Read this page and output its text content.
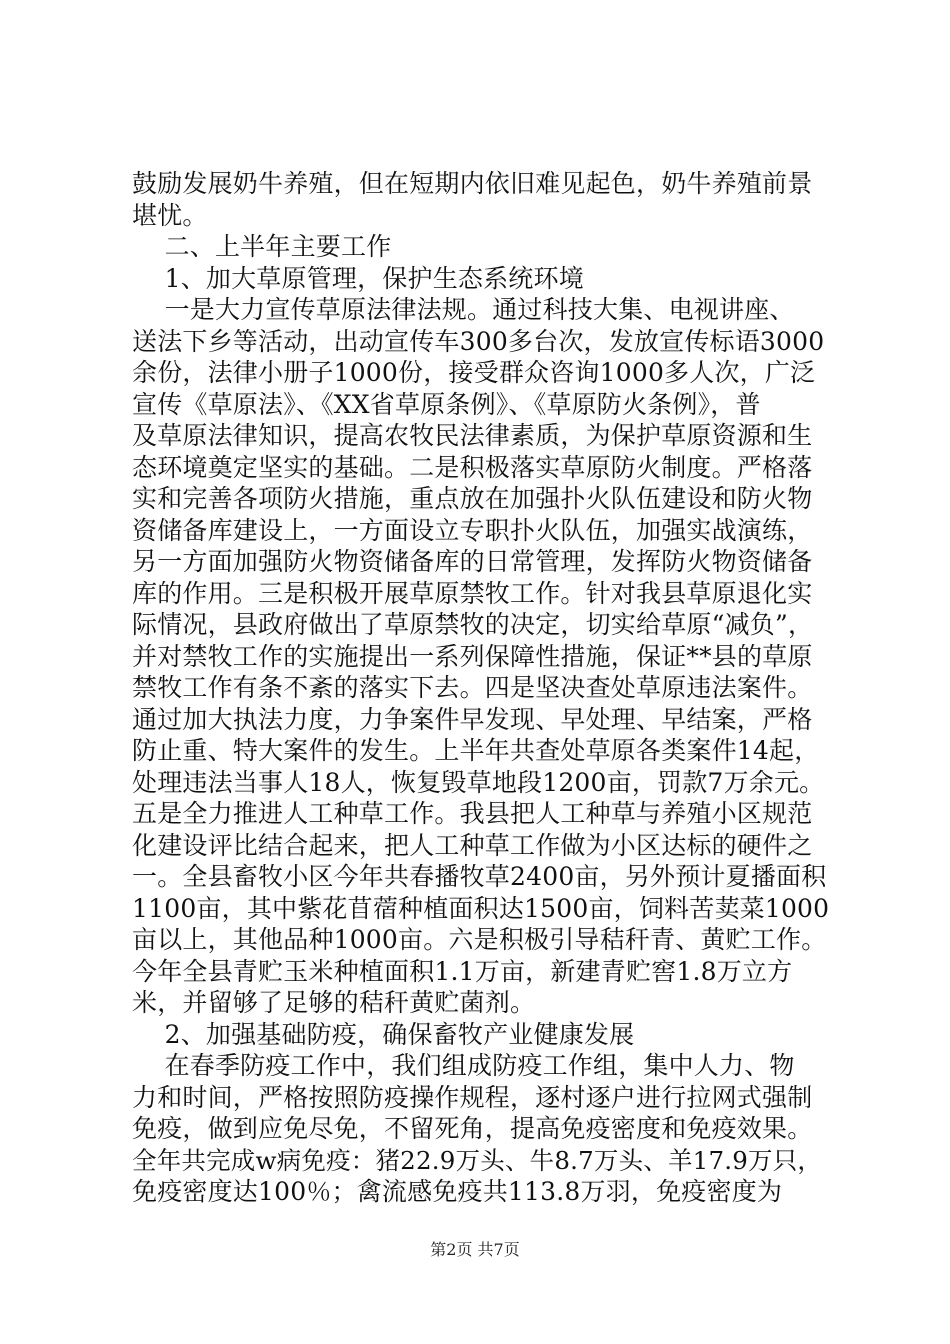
鼓励发展奶牛养殖，但在短期内依旧难见起色，奶牛养殖前景
堪忧。
二、上半年主要工作
1、加大草原管理，保护生态系统环境
一是大力宣传草原法律法规。通过科技大集、电视讲座、
送法下乡等活动，出动宣传车300多台次，发放宣传标语3000
余份，法律小册子1000份，接受群众咨询1000多人次，广泛
宣传《草原法》、《XX省草原条例》、《草原防火条例》，普
及草原法律知识，提高农牧民法律素质，为保护草原资源和生
态环境奠定坚实的基础。二是积极落实草原防火制度。严格落
实和完善各项防火措施，重点放在加强扑火队伍建设和防火物
资储备库建设上，一方面设立专职扑火队伍，加强实战演练，
另一方面加强防火物资储备库的日常管理，发挥防火物资储备
库的作用。三是积极开展草原禁牧工作。针对我县草原退化实
际情况，县政府做出了草原禁牧的决定，切实给草原“减负”，
并对禁牧工作的实施提出一系列保障性措施，保证**县的草原
禁牧工作有条不紊的落实下去。四是坚决查处草原违法案件。
通过加大执法力度，力争案件早发现、早处理、早结案，严格
防止重、特大案件的发生。上半年共查处草原各类案件14起，
处理违法当事人18人，恢复毁草地段1200亩，罚款7万余元。
五是全力推进人工种草工作。我县把人工种草与养殖小区规范
化建设评比结合起来，把人工种草工作做为小区达标的硬件之
一。全县畜牧小区今年共春播牧草2400亩，另外预计夏播面积
1100亩，其中紫花苜蓿种植面积达1500亩，饲料苦荬菜1000
亩以上，其他品种1000亩。六是积极引导秸秆青、黄贮工作。
今年全县青贮玉米种植面积1.1万亩，新建青贮窖1.8万立方
米，并留够了足够的秸秆黄贮菌剂。
2、加强基础防疫，确保畜牧产业健康发展
在春季防疫工作中，我们组成防疫工作组，集中人力、物
力和时间，严格按照防疫操作规程，逐村逐户进行拉网式强制
免疫，做到应免尽免，不留死角，提高免疫密度和免疫效果。
全年共完成w病免疫：猪22.9万头、牛8.7万头、羊17.9万只，
免疫密度达100％；禽流感免疫共113.8万羽，免疫密度为
第2页 共7页
